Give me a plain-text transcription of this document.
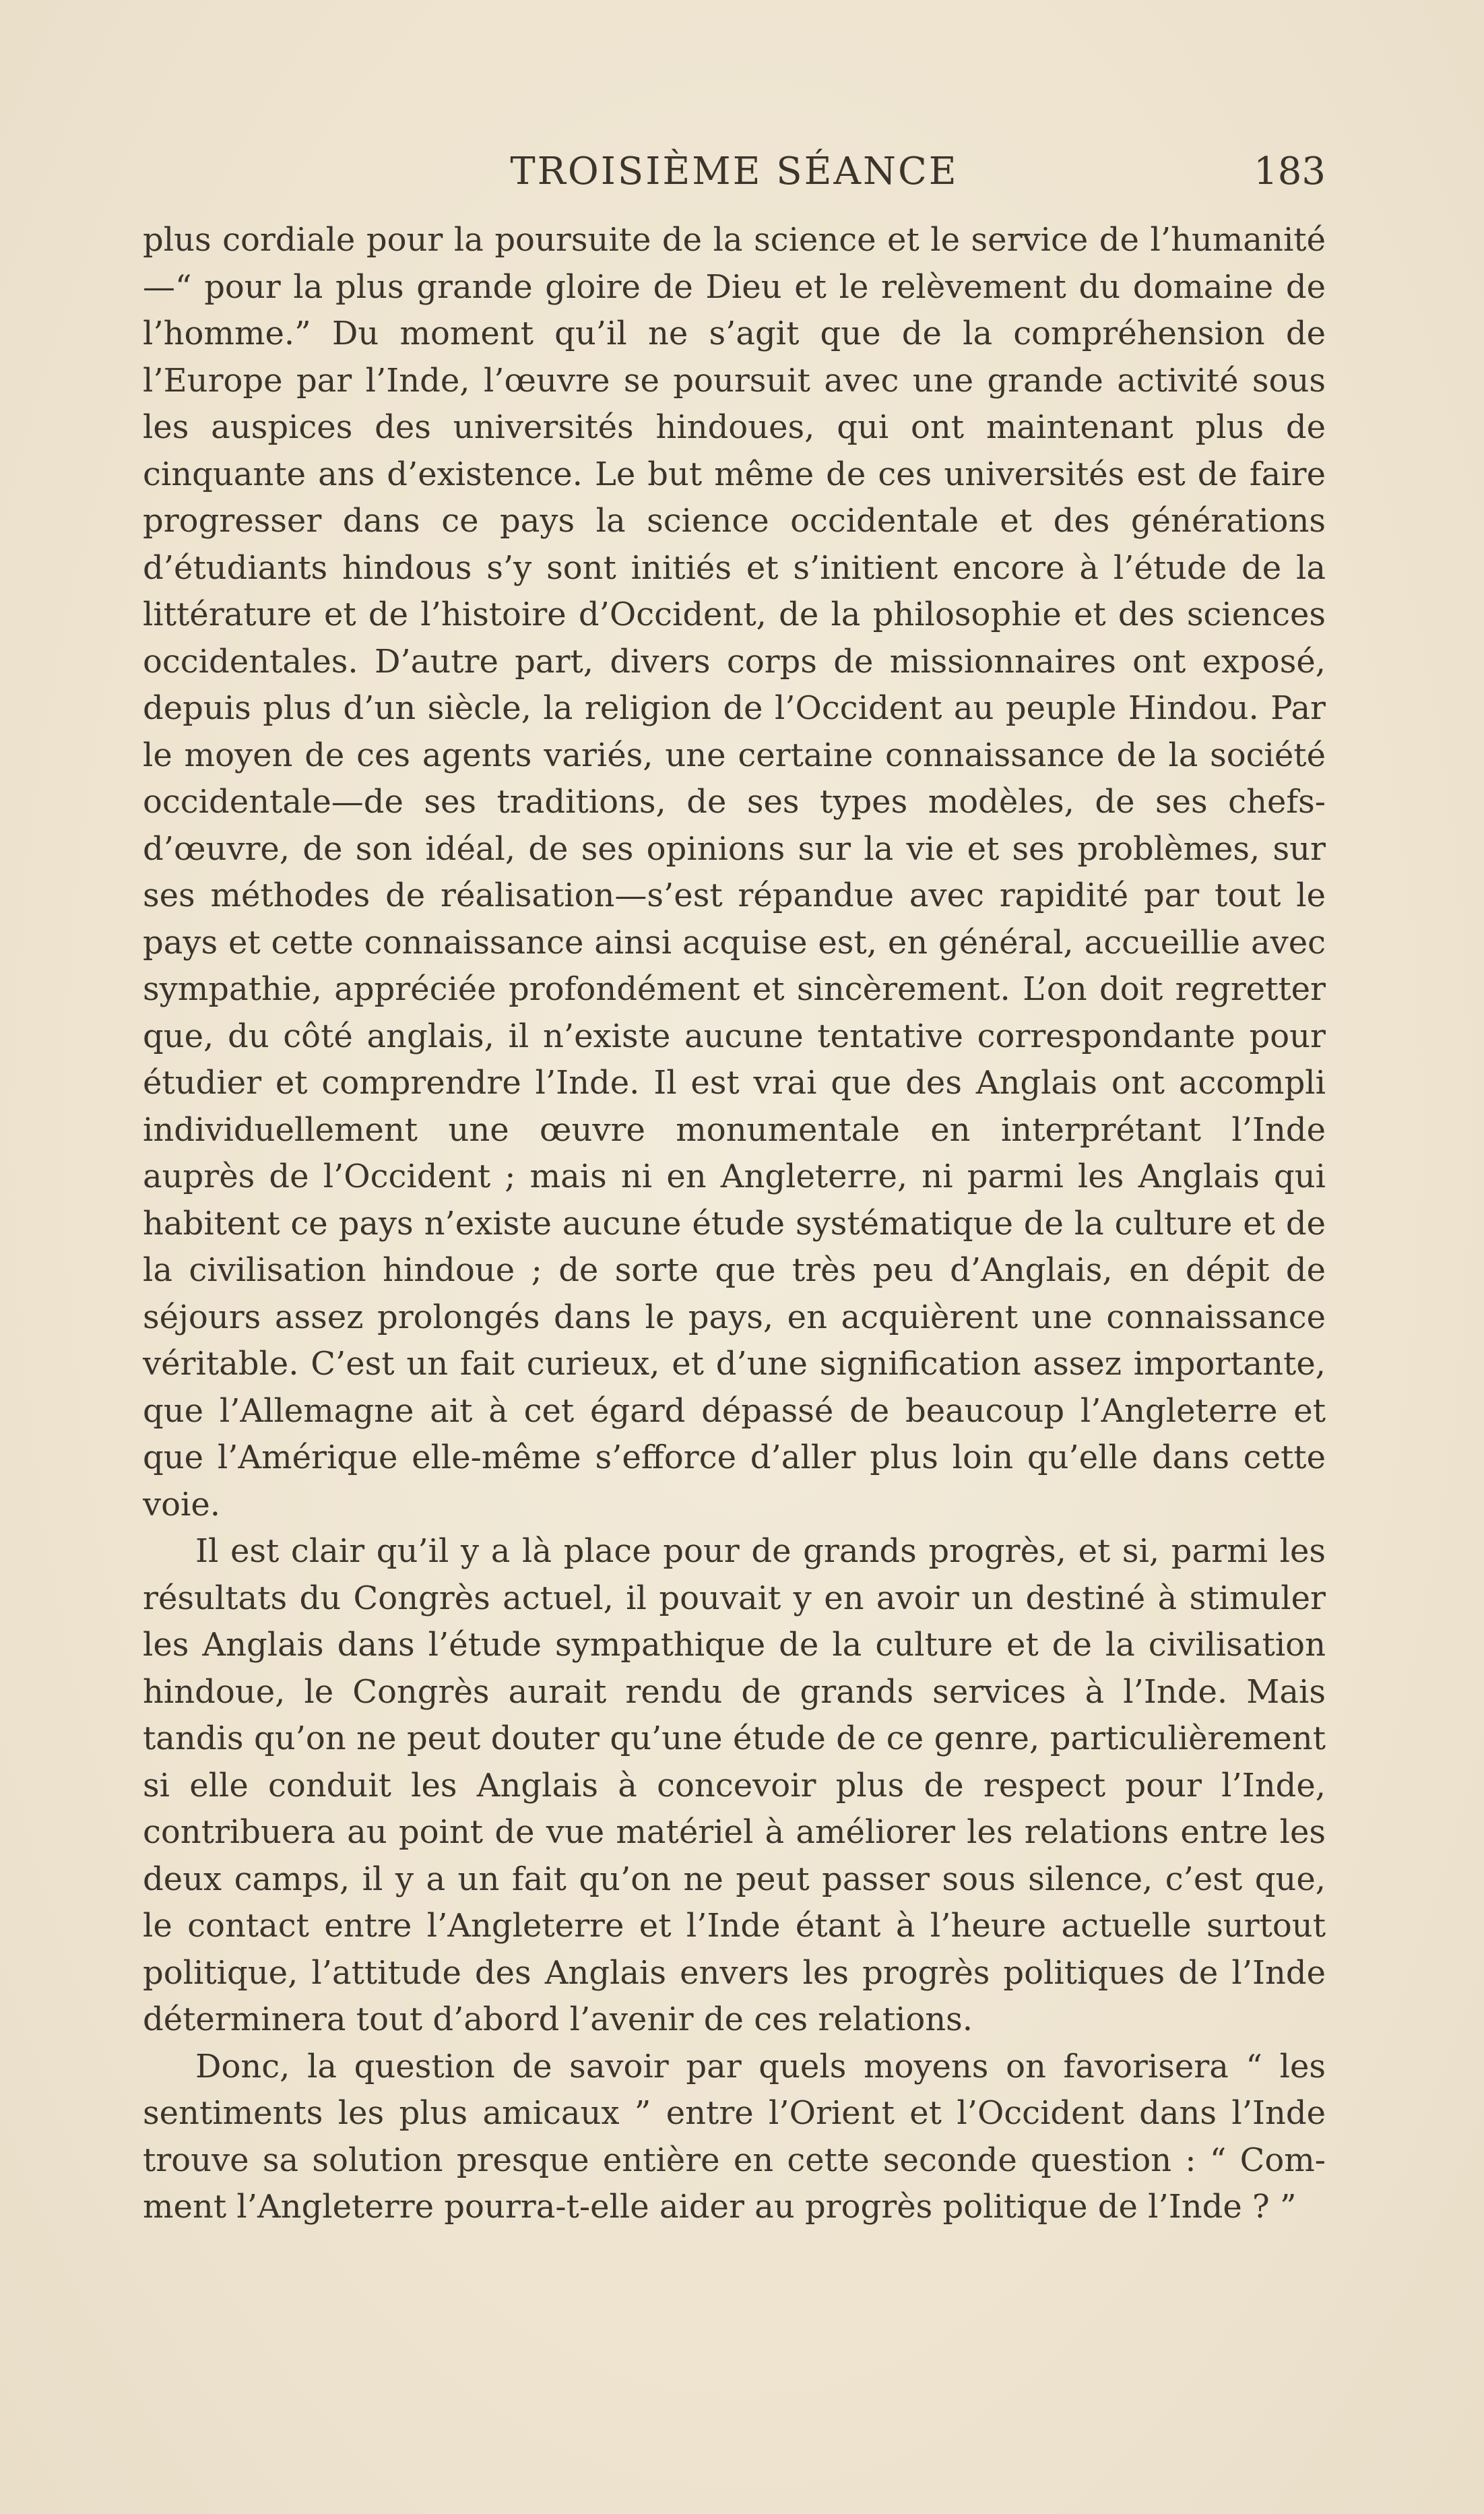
TROISIÈME SÉANCE	183

plus cordiale pour la poursuite de la science et le service de l’humanité —“ pour la plus grande gloire de Dieu et le relèvement du domaine de l’homme.” Du moment qu’il ne s’agit que de la compréhension de l’Europe par l’Inde, l’œuvre se poursuit avec une grande activité sous les auspices des universités hindoues, qui ont maintenant plus de cinquante ans d’existence. Le but même de ces universités est de faire progresser dans ce pays la science occidentale et des générations d’étudiants hindous s’y sont initiés et s’initient encore à l’étude de la littérature et de l’histoire d’Occident, de la philosophie et des sciences occidentales. D’autre part, divers corps de missionnaires ont exposé, depuis plus d’un siècle, la religion de l’Occident au peuple Hindou. Par le moyen de ces agents variés, une certaine connaissance de la société occidentale—de ses traditions, de ses types modèles, de ses chefs-d’œuvre, de son idéal, de ses opinions sur la vie et ses problèmes, sur ses méthodes de réalisation—s’est répandue avec rapidité par tout le pays et cette connaissance ainsi acquise est, en général, accueillie avec sympathie, appréciée profondément et sincèrement. L’on doit regretter que, du côté anglais, il n’existe aucune tentative correspondante pour étudier et comprendre l’Inde. Il est vrai que des Anglais ont accompli individuellement une œuvre monumentale en interprétant l’Inde auprès de l’Occident ; mais ni en Angleterre, ni parmi les Anglais qui habitent ce pays n’existe aucune étude systématique de la culture et de la civilisation hindoue ; de sorte que très peu d’Anglais, en dépit de séjours assez prolongés dans le pays, en acquièrent une connaissance véritable. C’est un fait curieux, et d’une signification assez importante, que l’Allemagne ait à cet égard dépassé de beaucoup l’Angleterre et que l’Amérique elle-même s’efforce d’aller plus loin qu’elle dans cette voie.

Il est clair qu’il y a là place pour de grands progrès, et si, parmi les résultats du Congrès actuel, il pouvait y en avoir un destiné à stimuler les Anglais dans l’étude sympathique de la culture et de la civilisation hindoue, le Congrès aurait rendu de grands services à l’Inde. Mais tandis qu’on ne peut douter qu’une étude de ce genre, particulièrement si elle conduit les Anglais à concevoir plus de respect pour l’Inde, contribuera au point de vue matériel à améliorer les relations entre les deux camps, il y a un fait qu’on ne peut passer sous silence, c’est que, le contact entre l’Angleterre et l’Inde étant à l’heure actuelle surtout politique, l’attitude des Anglais envers les progrès politiques de l’Inde déterminera tout d’abord l’avenir de ces relations.

Donc, la question de savoir par quels moyens on favorisera “ les sentiments les plus amicaux ” entre l’Orient et l’Occident dans l’Inde trouve sa solution presque entière en cette seconde question : “ Comment l’Angleterre pourra-t-elle aider au progrès politique de l’Inde ? ”
